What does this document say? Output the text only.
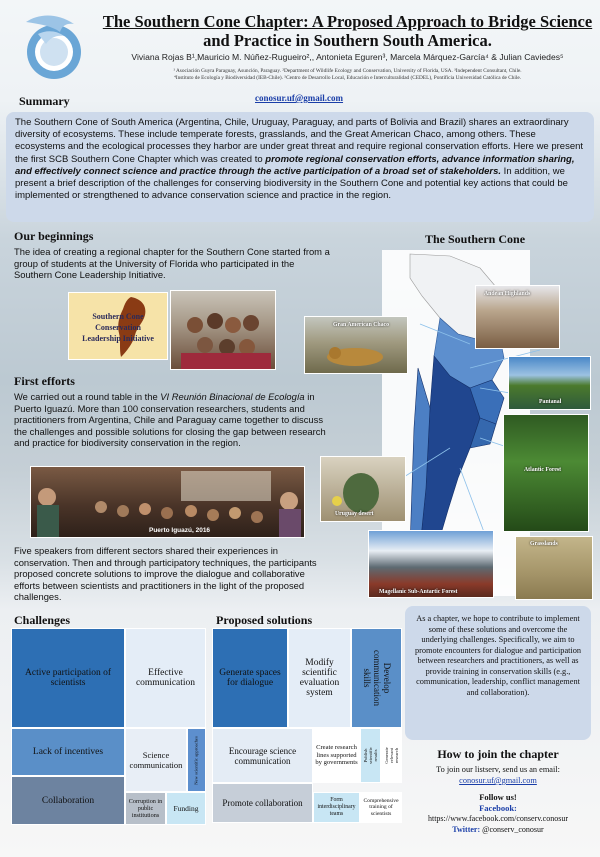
The Southern Cone Chapter: A Proposed Approach to Bridge Science
and Practice in Southern South America.
Viviana Rojas B¹,Mauricio M. Núñez-Rugueiro²,, Antonieta Eguren³, Marcela Márquez-García⁴ & Julian Caviedes⁵
¹ Asociación Guyra Paraguay, Asunción, Paraguay. ²Department of Wildlife Ecology and Conservation, University of Florida, USA. ³Independent Consultant, Chile.
⁴Instituto de Ecología y Biodiversidad (IEB-Chile). ⁵Centro de Desarrollo Local, Educación e Interculturalidad (CEDEL), Pontificia Universidad Católica de Chile.
conosur.uf@gmail.com
Summary
The Southern Cone of South America (Argentina, Chile, Uruguay, Paraguay, and parts of Bolivia and Brazil) shares an extraordinary diversity of ecosystems. These include temperate forests, grasslands, and the Great American Chaco, among others. These ecosystems and the ecological processes they harbor are under great threat and require regional conservation efforts. Here we present the first SCB Southern Cone Chapter which was created to promote regional conservation efforts, advance information sharing, and effectively connect science and practice through the active participation of a broad set of stakeholders. In addition, we present a brief description of the challenges for conserving biodiversity in the Southern Cone and potential key actions that could be implemented or strengthened to advance conservation science and practice in the region.
Our beginnings
The idea of creating a regional chapter for the Southern Cone started from a group of students at the University of Florida who participated in the Southern Cone Leadership Initiative.
Southern Cone
Conservation
Leadership Initiative
First efforts
We carried out a round table in the VI Reunión Binacional de Ecología in Puerto Iguazú. More than 100 conservation researchers, students and practitioners from Argentina, Chile and Paraguay came together to discuss the challenges and possible solutions for closing the gap between research and practice for biodiversity conservation in the region.
Puerto Iguazú, 2016
Five speakers from different sectors shared their experiences in conservation. Then and through participatory techniques, the participants proposed concrete solutions to improve the dialogue and collaborative efforts between scientists and practitioners in the light of the proposed challenges.
The Southern Cone
Andean Highlands
Gran American Chaco
Pantanal
Atlantic Forest
Uruguay desert
Grasslands
Magellanic Sub-Antartic Forest
Challenges
Active participation of scientists
Effective communication
Lack of incentives	Science communication	New scientific approaches
Collaboration	Corruption in public institutions
Funding
Proposed solutions
Generate spaces for dialogue
Modify scientific evaluation system	Develop communication skills
Encourage science communication
Create research lines supported by governments
Publish scientific results Generate relevant research
Promote collaboration	Form interdisciplinary teams
Comprehensive training of scientists
As a chapter, we hope to contribute to implement some of these solutions and overcome the underlying challenges. Specifically, we aim to promote encounters for dialogue and participation between researchers and practitioners, as well as provide training in conservation skills (e.g., communication, leadership, conflict management and collaboration).
How to join the chapter
To join our listserv, send us an email:
conosur.uf@gmail.com
Follow us!
Facebook:
https://www.facebook.com/conserv.conosur
Twitter: @conserv_conosur
